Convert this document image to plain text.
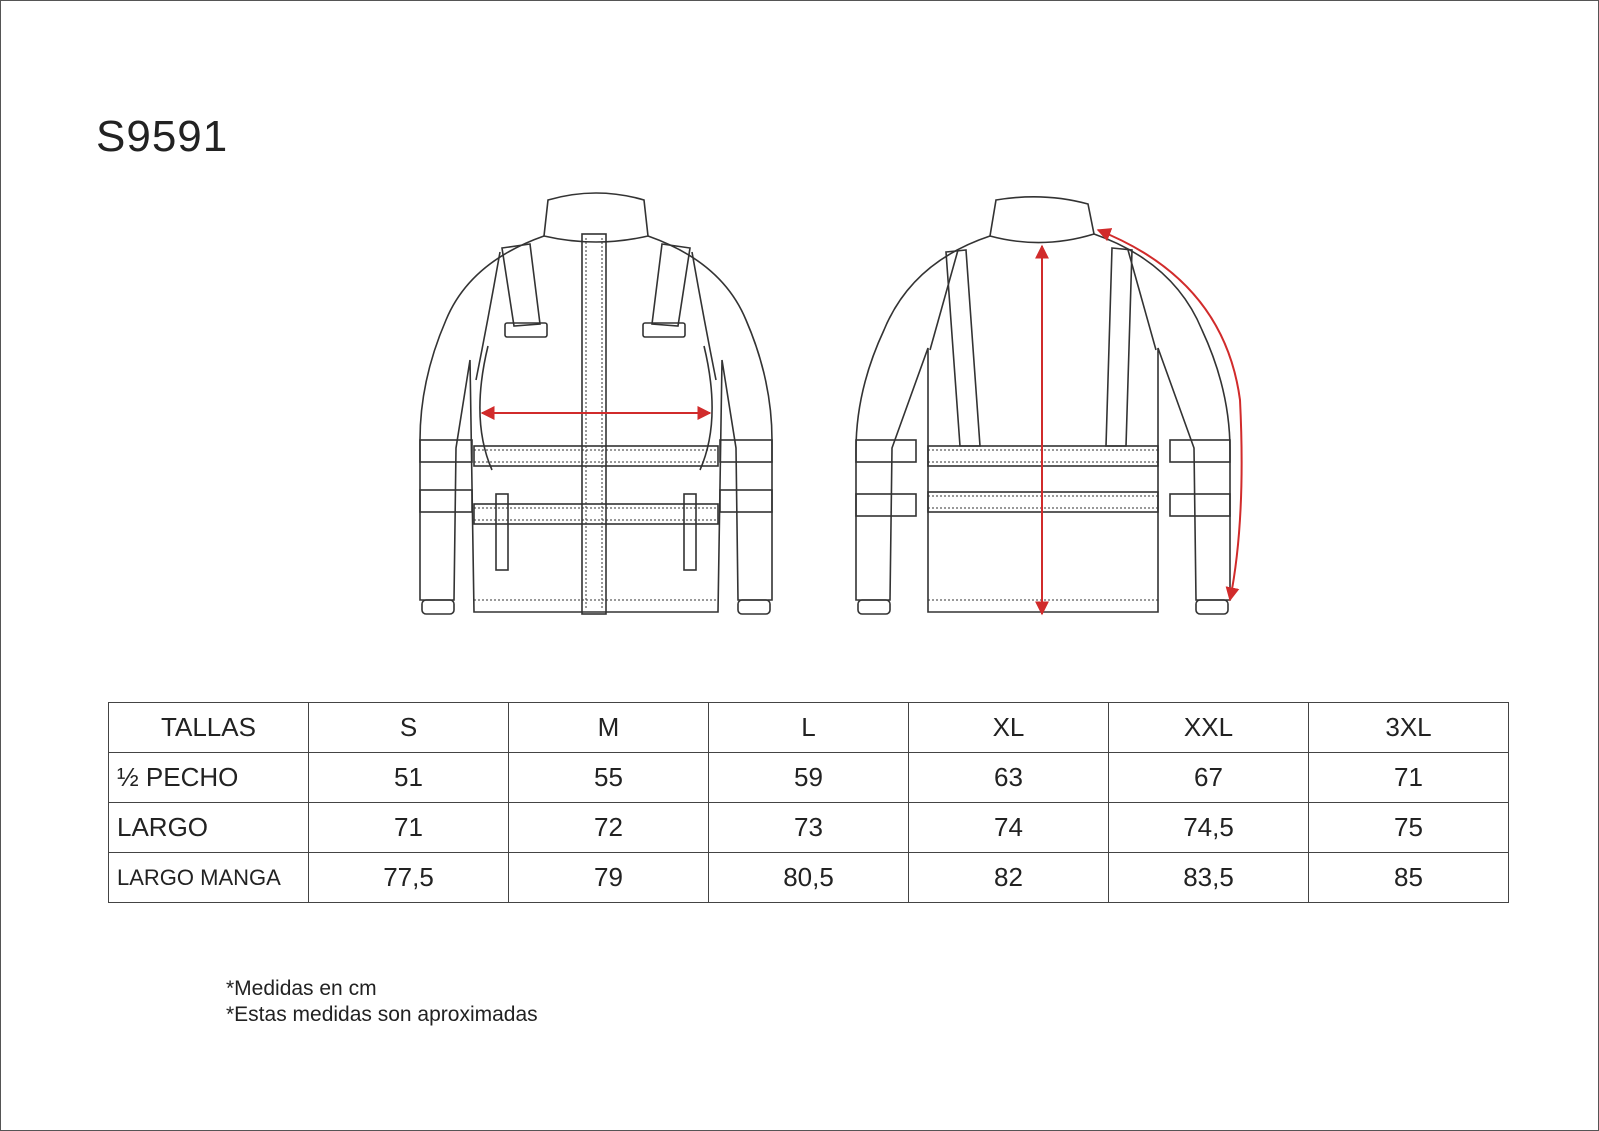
S9591
TALLAS	S	M	L	XL	XXL	3XL
½ PECHO	51	55	59	63	67	71
LARGO	71	72	73	74	74,5	75
LARGO MANGA	77,5	79	80,5	82	83,5	85
*Medidas en cm
*Estas medidas son aproximadas
